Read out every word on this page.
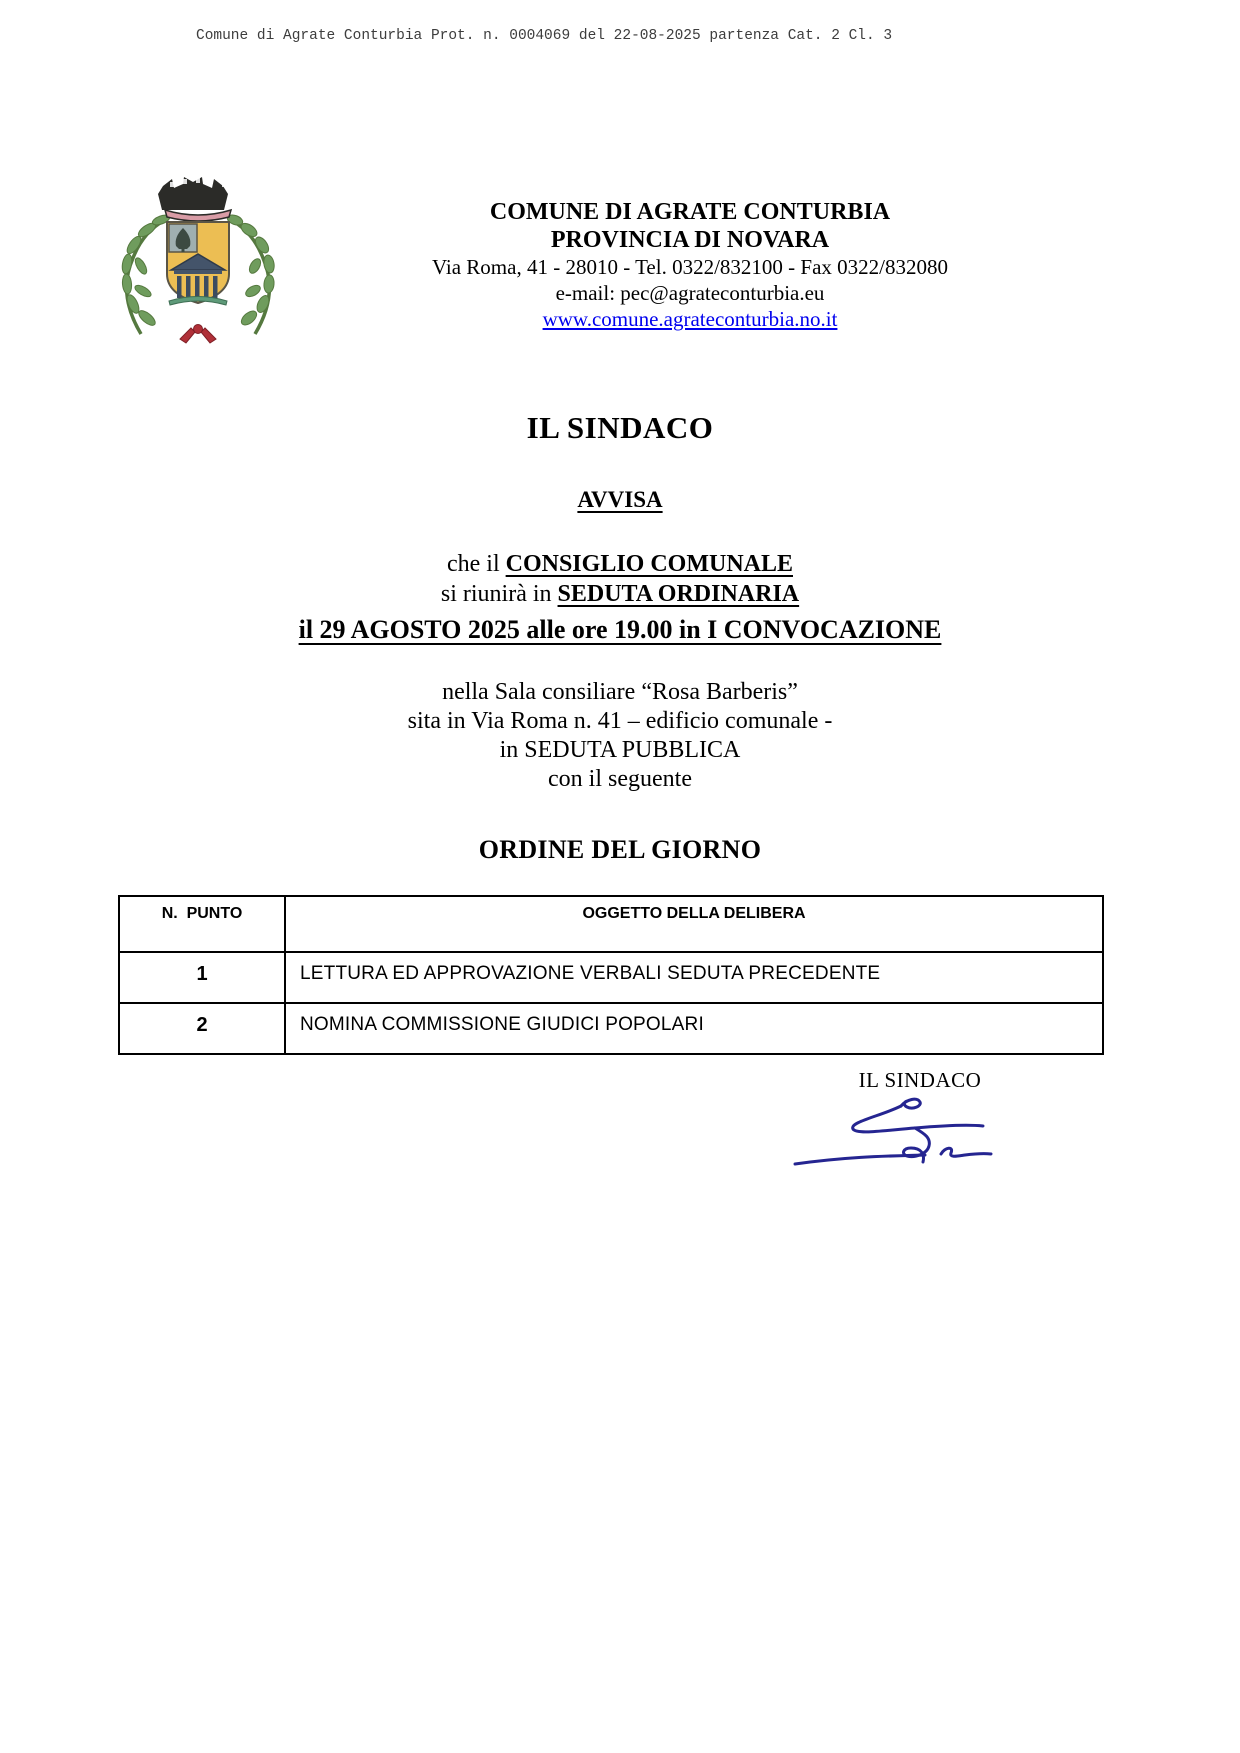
Comune di Agrate Conturbia Prot. n. 0004069 del 22-08-2025 partenza Cat. 2 Cl. 3
COMUNE DI AGRATE CONTURBIA
PROVINCIA DI NOVARA
Via Roma, 41 - 28010 - Tel. 0322/832100 - Fax 0322/832080
e-mail: pec@agrateconturbia.eu
www.comune.agrateconturbia.no.it
IL SINDACO
AVVISA
che il CONSIGLIO COMUNALE
si riunirà in SEDUTA ORDINARIA
il 29 AGOSTO 2025 alle ore 19.00 in I CONVOCAZIONE
nella Sala consiliare “Rosa Barberis”
sita in Via Roma n. 41 – edificio comunale -
in SEDUTA PUBBLICA
con il seguente
ORDINE DEL GIORNO
N.  PUNTO	OGGETTO DELLA DELIBERA
1	LETTURA ED APPROVAZIONE VERBALI SEDUTA PRECEDENTE
2	NOMINA COMMISSIONE GIUDICI POPOLARI
IL SINDACO
